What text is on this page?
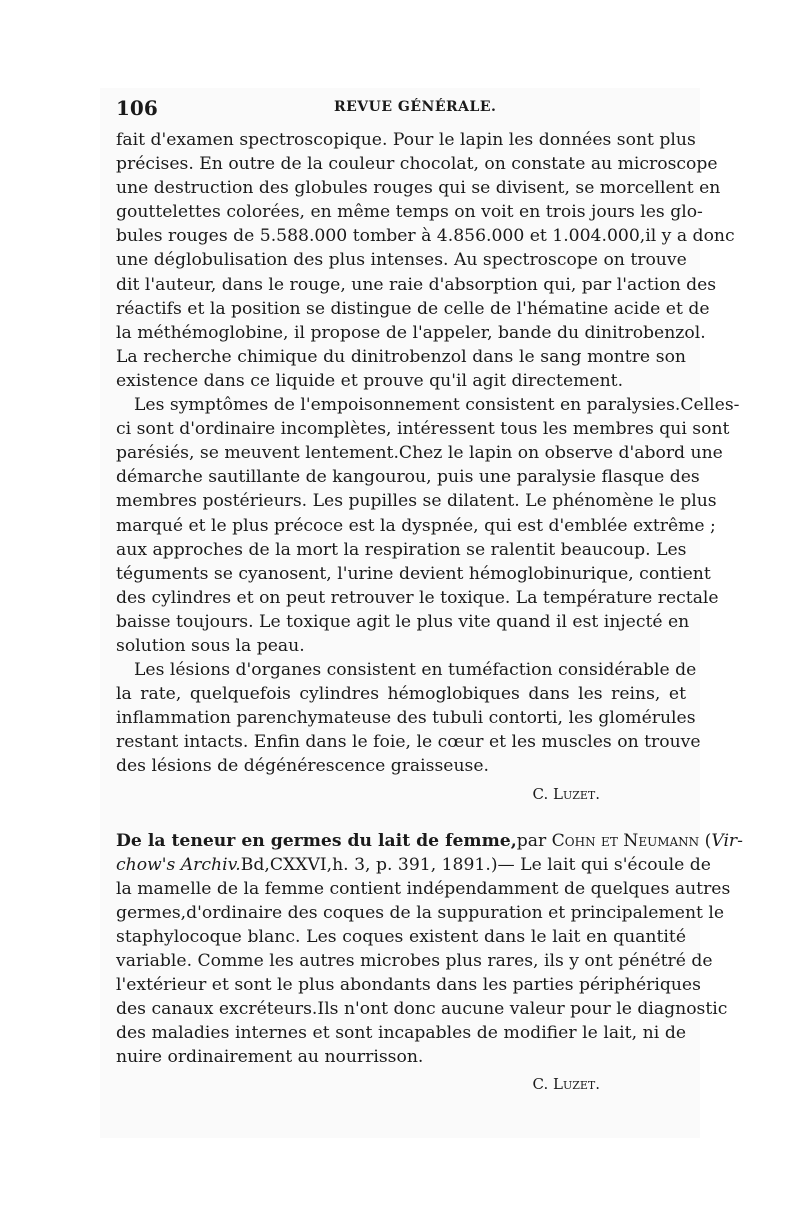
106	REVUE GÉNÉRALE.
fait d'examen spectroscopique. Pour le lapin les données sont plus
précises. En outre de la couleur chocolat, on constate au microscope
une destruction des globules rouges qui se divisent, se morcellent en
gouttelettes colorées, en même temps on voit en trois jours les glo-
bules rouges de 5.588.000 tomber à 4.856.000 et 1.004.000,il y a donc
une déglobulisation des plus intenses. Au spectroscope on trouve
dit l'auteur, dans le rouge, une raie d'absorption qui, par l'action des
réactifs et la position se distingue de celle de l'hématine acide et de
la méthémoglobine, il propose de l'appeler, bande du dinitrobenzol.
La recherche chimique du dinitrobenzol dans le sang montre son
existence dans ce liquide et prouve qu'il agit directement.
Les symptômes de l'empoisonnement consistent en paralysies.Celles-
ci sont d'ordinaire incomplètes, intéressent tous les membres qui sont
parésiés, se meuvent lentement.Chez le lapin on observe d'abord une
démarche sautillante de kangourou, puis une paralysie flasque des
membres postérieurs. Les pupilles se dilatent. Le phénomène le plus
marqué et le plus précoce est la dyspnée, qui est d'emblée extrême ;
aux approches de la mort la respiration se ralentit beaucoup. Les
téguments se cyanosent, l'urine devient hémoglobinurique, contient
des cylindres et on peut retrouver le toxique. La température rectale
baisse toujours. Le toxique agit le plus vite quand il est injecté en
solution sous la peau.
Les lésions d'organes consistent en tuméfaction considérable de
la rate, quelquefois cylindres hémoglobiques dans les reins, et
inflammation parenchymateuse des tubuli contorti, les glomérules
restant intacts. Enfin dans le foie, le cœur et les muscles on trouve
des lésions de dégénérescence graisseuse.
C. Luzet.
De la teneur en germes du lait de femme,par Cohn et Neumann (Vir-
chow's Archiv.Bd,CXXVI,h. 3, p. 391, 1891.)— Le lait qui s'écoule de
la mamelle de la femme contient indépendamment de quelques autres
germes,d'ordinaire des coques de la suppuration et principalement le
staphylocoque blanc. Les coques existent dans le lait en quantité
variable. Comme les autres microbes plus rares, ils y ont pénétré de
l'extérieur et sont le plus abondants dans les parties périphériques
des canaux excréteurs.Ils n'ont donc aucune valeur pour le diagnostic
des maladies internes et sont incapables de modifier le lait, ni de
nuire ordinairement au nourrisson.
C. Luzet.
